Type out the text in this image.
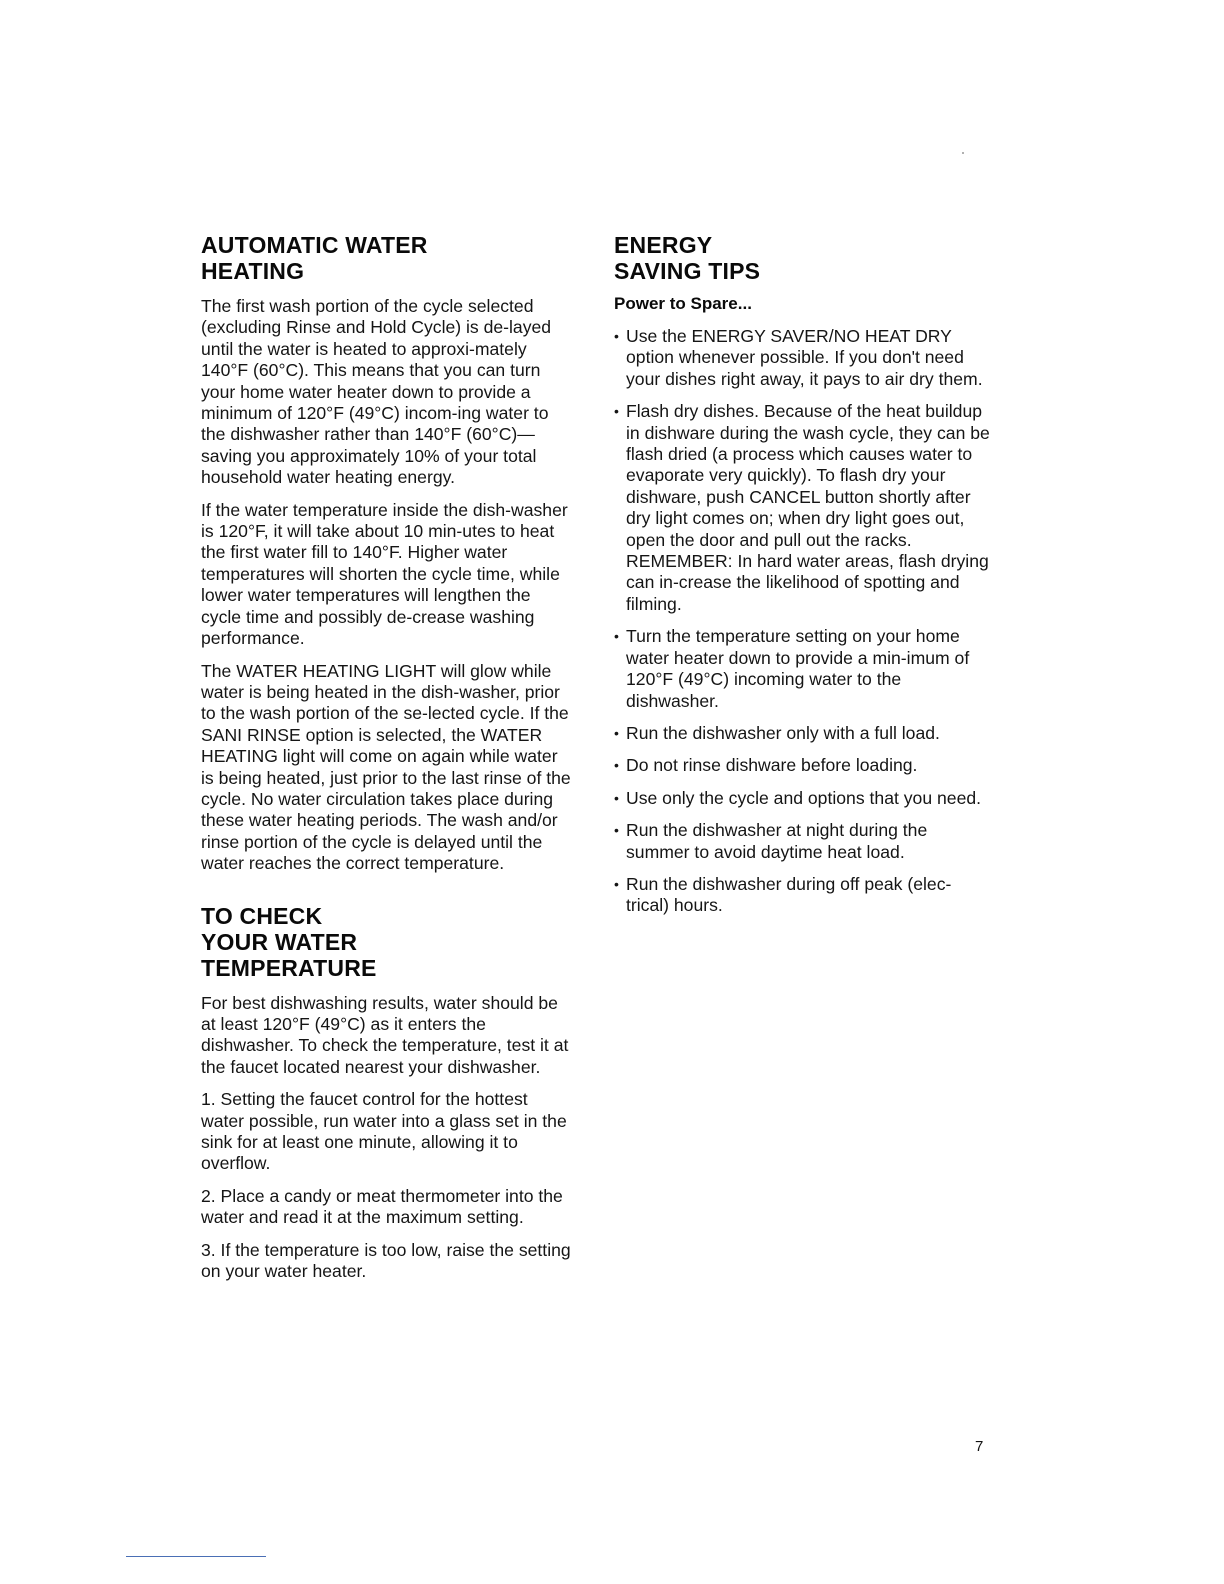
AUTOMATIC WATER
HEATING

The first wash portion of the cycle selected (excluding Rinse and Hold Cycle) is de-layed until the water is heated to approxi-mately 140°F (60°C). This means that you can turn your home water heater down to provide a minimum of 120°F (49°C) incom-ing water to the dishwasher rather than 140°F (60°C)—saving you approximately 10% of your total household water heating energy.

If the water temperature inside the dish-washer is 120°F, it will take about 10 min-utes to heat the first water fill to 140°F. Higher water temperatures will shorten the cycle time, while lower water temperatures will lengthen the cycle time and possibly de-crease washing performance.

The WATER HEATING LIGHT will glow while water is being heated in the dish-washer, prior to the wash portion of the se-lected cycle. If the SANI RINSE option is selected, the WATER HEATING light will come on again while water is being heated, just prior to the last rinse of the cycle. No water circulation takes place during these water heating periods. The wash and/or rinse portion of the cycle is delayed until the water reaches the correct temperature.

TO CHECK
YOUR WATER
TEMPERATURE

For best dishwashing results, water should be at least 120°F (49°C) as it enters the dishwasher. To check the temperature, test it at the faucet located nearest your dishwasher.

1. Setting the faucet control for the hottest water possible, run water into a glass set in the sink for at least one minute, allowing it to overflow.

2. Place a candy or meat thermometer into the water and read it at the maximum setting.

3. If the temperature is too low, raise the setting on your water heater.

ENERGY
SAVING TIPS
Power to Spare...
• Use the ENERGY SAVER/NO HEAT DRY option whenever possible. If you don't need your dishes right away, it pays to air dry them.
• Flash dry dishes. Because of the heat buildup in dishware during the wash cycle, they can be flash dried (a process which causes water to evaporate very quickly). To flash dry your dishware, push CANCEL button shortly after dry light comes on; when dry light goes out, open the door and pull out the racks. REMEMBER: In hard water areas, flash drying can in-crease the likelihood of spotting and filming.
• Turn the temperature setting on your home water heater down to provide a min-imum of 120°F (49°C) incoming water to the dishwasher.
• Run the dishwasher only with a full load.
• Do not rinse dishware before loading.
• Use only the cycle and options that you need.
• Run the dishwasher at night during the summer to avoid daytime heat load.
• Run the dishwasher during off peak (elec-trical) hours.
7
